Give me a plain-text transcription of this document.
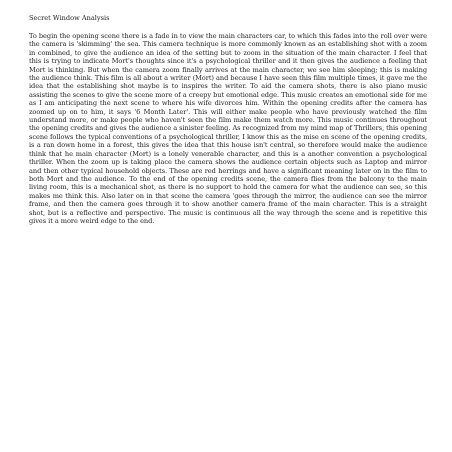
Secret Window Analysis

To begin the opening scene there is a fade in to view the main characters car, to which this fades into the roll over were the camera is 'skimming' the sea. This camera technique is more commonly known as an establishing shot with a zoom in combined, to give the audience an idea of the setting but to zoom in the situation of the main character. I feel that this is trying to indicate Mort's thoughts since it's a psychological thriller and it then gives the audience a feeling that Mort is thinking. But when the camera zoom finally arrives at the main character, we see him sleeping; this is making the audience think. This film is all about a writer (Mort) and because I have seen this film multiple times, it gave me the idea that the establishing shot maybe is to inspires the writer. To aid the camera shots, there is also piano music assisting the scenes to give the scene more of a creepy but emotional edge. This music creates an emotional side for me as I am anticipating the next scene to where his wife divorces him. Within the opening credits after the camera has zoomed up on to him, it says '6 Month Later'. This will either make people who have previously watched the film understand more, or make people who haven't seen the film make them watch more. This music continues throughout the opening credits and gives the audience a sinister feeling. As recognized from my mind map of Thrillers, this opening scene follows the typical conventions of a psychological thriller, I know this as the mise en scene of the opening credits, is a ran down home in a forest, this gives the idea that this house isn't central, so therefore would make the audience think that he main character (Mort) is a lonely venerable character, and this is a another convention a psychological thriller. When the zoom up is taking place the camera shows the audience certain objects such as Laptop and mirror and then other typical household objects. These are red herrings and have a significant meaning later on in the film to both Mort and the audience. To the end of the opening credits scene, the camera flies from the balcony to the main living room, this is a mechanical shot, as there is no support to hold the camera for what the audience can see, so this makes me think this. Also later on in that scene the camera 'goes through the mirror, the audience can see the mirror frame, and then the camera goes through it to show another camera frame of the main character. This is a straight shot, but is a reflective and perspective. The music is continuous all the way through the scene and is repetitive this gives it a more weird edge to the end.
